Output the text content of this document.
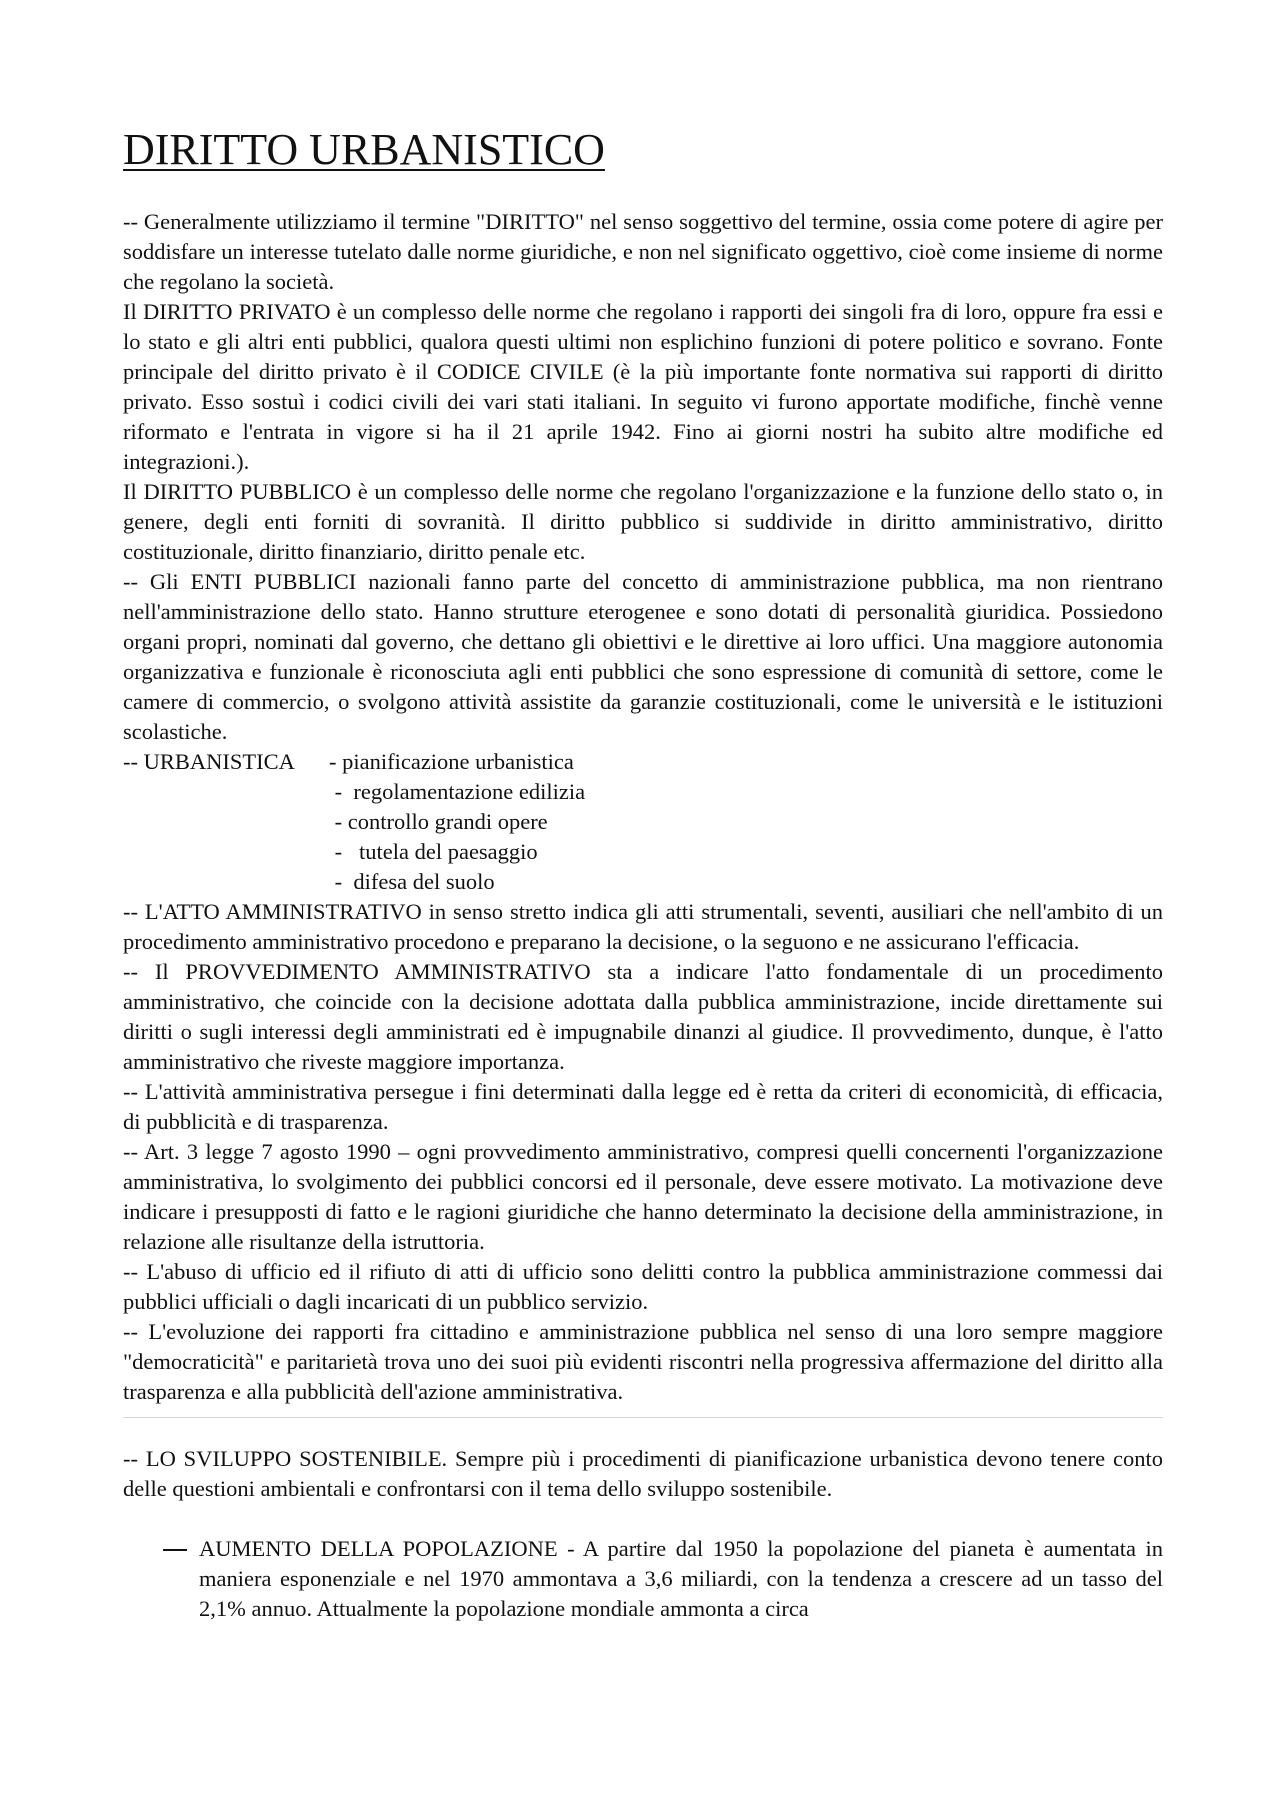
DIRITTO URBANISTICO

-- Generalmente utilizziamo il termine "DIRITTO" nel senso soggettivo del termine, ossia come potere di agire per soddisfare un interesse tutelato dalle norme giuridiche, e non nel significato oggettivo, cioè come insieme di norme che regolano la società.

Il DIRITTO PRIVATO è un complesso delle norme che regolano i rapporti dei singoli fra di loro, oppure fra essi e lo stato e gli altri enti pubblici, qualora questi ultimi non esplichino funzioni di potere politico e sovrano. Fonte principale del diritto privato è il CODICE CIVILE (è la più importante fonte normativa sui rapporti di diritto privato. Esso sostuì i codici civili dei vari stati italiani. In seguito vi furono apportate modifiche, finchè venne riformato e l'entrata in vigore si ha il 21 aprile 1942. Fino ai giorni nostri ha subito altre modifiche ed integrazioni.).

Il DIRITTO PUBBLICO è un complesso delle norme che regolano l'organizzazione e la funzione dello stato o, in genere, degli enti forniti di sovranità. Il diritto pubblico si suddivide in diritto amministrativo, diritto costituzionale, diritto finanziario, diritto penale etc.

-- Gli ENTI PUBBLICI nazionali fanno parte del concetto di amministrazione pubblica, ma non rientrano nell'amministrazione dello stato. Hanno strutture eterogenee e sono dotati di personalità giuridica. Possiedono organi propri, nominati dal governo, che dettano gli obiettivi e le direttive ai loro uffici. Una maggiore autonomia organizzativa e funzionale è riconosciuta agli enti pubblici che sono espressione di comunità di settore, come le camere di commercio, o svolgono attività assistite da garanzie costituzionali, come le università e le istituzioni scolastiche.

-- URBANISTICA	- pianificazione urbanistica
-  regolamentazione edilizia
- controllo grandi opere
-   tutela del paesaggio
-  difesa del suolo

-- L'ATTO AMMINISTRATIVO in senso stretto indica gli atti strumentali, seventi, ausiliari che nell'ambito di un procedimento amministrativo procedono e preparano la decisione, o la seguono e ne assicurano l'efficacia.

-- Il PROVVEDIMENTO AMMINISTRATIVO sta a indicare l'atto fondamentale di un procedimento amministrativo, che coincide con la decisione adottata dalla pubblica amministrazione, incide direttamente sui diritti o sugli interessi degli amministrati ed è impugnabile dinanzi al giudice. Il provvedimento, dunque, è l'atto amministrativo che riveste maggiore importanza.

-- L'attività amministrativa persegue i fini determinati dalla legge ed è retta da criteri di economicità, di efficacia, di pubblicità e di trasparenza.

-- Art. 3 legge 7 agosto 1990 – ogni provvedimento amministrativo, compresi quelli concernenti l'organizzazione amministrativa, lo svolgimento dei pubblici concorsi ed il personale, deve essere motivato. La motivazione deve indicare i presupposti di fatto e le ragioni giuridiche che hanno determinato la decisione della amministrazione, in relazione alle risultanze della istruttoria.

-- L'abuso di ufficio ed il rifiuto di atti di ufficio sono delitti contro la pubblica amministrazione commessi dai pubblici ufficiali o dagli incaricati di un pubblico servizio.

-- L'evoluzione dei rapporti fra cittadino e amministrazione pubblica nel senso di una loro sempre maggiore "democraticità" e paritarietà trova uno dei suoi più evidenti riscontri nella progressiva affermazione del diritto alla trasparenza e alla pubblicità dell'azione amministrativa.

-- LO SVILUPPO SOSTENIBILE. Sempre più i procedimenti di pianificazione urbanistica devono tenere conto delle questioni ambientali e confrontarsi con il tema dello sviluppo sostenibile.

AUMENTO DELLA POPOLAZIONE - A partire dal 1950 la popolazione del pianeta è aumentata in maniera esponenziale e nel 1970 ammontava a 3,6 miliardi, con la tendenza a crescere ad un tasso del 2,1% annuo. Attualmente la popolazione mondiale ammonta a circa
